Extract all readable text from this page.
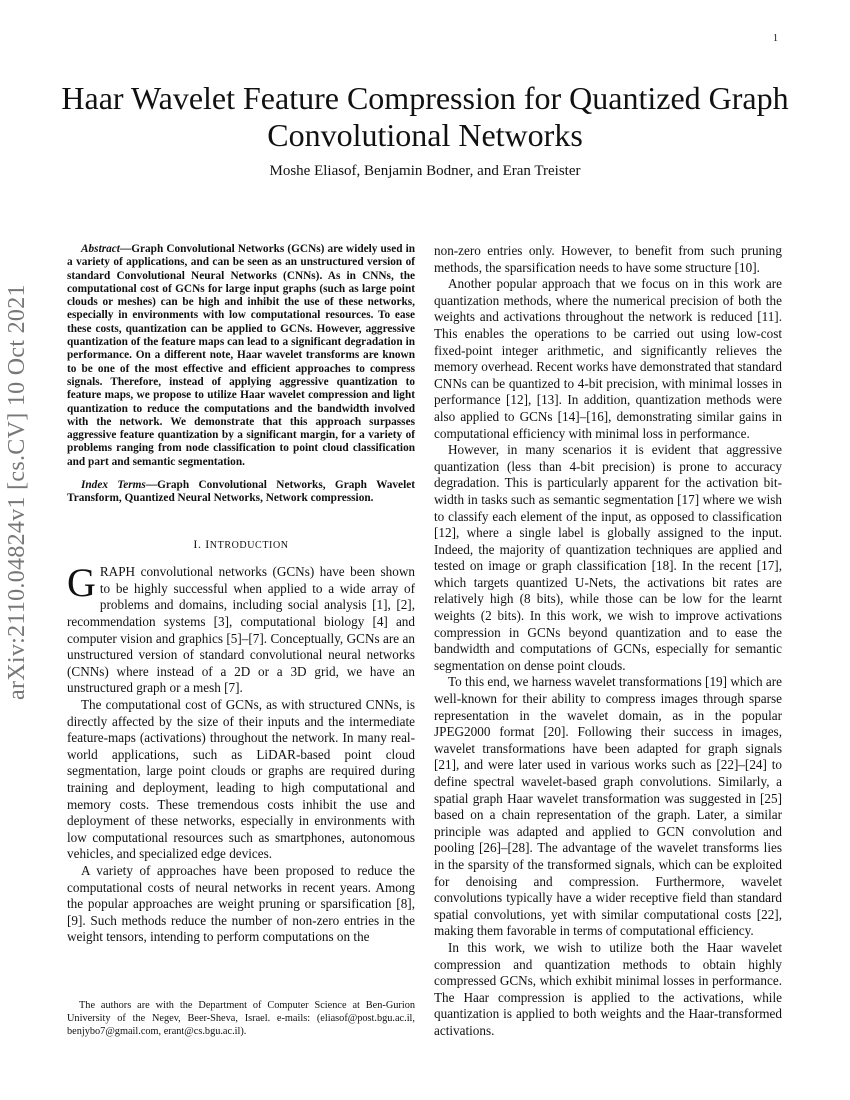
1
arXiv:2110.04824v1 [cs.CV] 10 Oct 2021
Haar Wavelet Feature Compression for Quantized Graph Convolutional Networks
Moshe Eliasof, Benjamin Bodner, and Eran Treister

Abstract—Graph Convolutional Networks (GCNs) are widely used in a variety of applications, and can be seen as an unstructured version of standard Convolutional Neural Networks (CNNs). As in CNNs, the computational cost of GCNs for large input graphs (such as large point clouds or meshes) can be high and inhibit the use of these networks, especially in environments with low computational resources. To ease these costs, quantization can be applied to GCNs. However, aggressive quantization of the feature maps can lead to a significant degradation in performance. On a different note, Haar wavelet transforms are known to be one of the most effective and efficient approaches to compress signals. Therefore, instead of applying aggressive quantization to feature maps, we propose to utilize Haar wavelet compression and light quantization to reduce the computations and the bandwidth involved with the network. We demonstrate that this approach surpasses aggressive feature quantization by a significant margin, for a variety of problems ranging from node classification to point cloud classification and part and semantic segmentation.

Index Terms—Graph Convolutional Networks, Graph Wavelet Transform, Quantized Neural Networks, Network compression.

I. INTRODUCTION

GRAPH convolutional networks (GCNs) have been shown to be highly successful when applied to a wide array of problems and domains, including social analysis [1], [2], recommendation systems [3], computational biology [4] and computer vision and graphics [5]–[7]. Conceptually, GCNs are an unstructured version of standard convolutional neural networks (CNNs) where instead of a 2D or a 3D grid, we have an unstructured graph or a mesh [7].

The computational cost of GCNs, as with structured CNNs, is directly affected by the size of their inputs and the intermediate feature-maps (activations) throughout the network. In many real-world applications, such as LiDAR-based point cloud segmentation, large point clouds or graphs are required during training and deployment, leading to high computational and memory costs. These tremendous costs inhibit the use and deployment of these networks, especially in environments with low computational resources such as smartphones, autonomous vehicles, and specialized edge devices.

A variety of approaches have been proposed to reduce the computational costs of neural networks in recent years. Among the popular approaches are weight pruning or sparsification [8], [9]. Such methods reduce the number of non-zero entries in the weight tensors, intending to perform computations on the

The authors are with the Department of Computer Science at Ben-Gurion University of the Negev, Beer-Sheva, Israel. e-mails: (eliasof@post.bgu.ac.il, benjybo7@gmail.com, erant@cs.bgu.ac.il).

non-zero entries only. However, to benefit from such pruning methods, the sparsification needs to have some structure [10].

Another popular approach that we focus on in this work are quantization methods, where the numerical precision of both the weights and activations throughout the network is reduced [11]. This enables the operations to be carried out using low-cost fixed-point integer arithmetic, and significantly relieves the memory overhead. Recent works have demonstrated that standard CNNs can be quantized to 4-bit precision, with minimal losses in performance [12], [13]. In addition, quantization methods were also applied to GCNs [14]–[16], demonstrating similar gains in computational efficiency with minimal loss in performance.

However, in many scenarios it is evident that aggressive quantization (less than 4-bit precision) is prone to accuracy degradation. This is particularly apparent for the activation bit-width in tasks such as semantic segmentation [17] where we wish to classify each element of the input, as opposed to classification [12], where a single label is globally assigned to the input. Indeed, the majority of quantization techniques are applied and tested on image or graph classification [18]. In the recent [17], which targets quantized U-Nets, the activations bit rates are relatively high (8 bits), while those can be low for the learnt weights (2 bits). In this work, we wish to improve activations compression in GCNs beyond quantization and to ease the bandwidth and computations of GCNs, especially for semantic segmentation on dense point clouds.

To this end, we harness wavelet transformations [19] which are well-known for their ability to compress images through sparse representation in the wavelet domain, as in the popular JPEG2000 format [20]. Following their success in images, wavelet transformations have been adapted for graph signals [21], and were later used in various works such as [22]–[24] to define spectral wavelet-based graph convolutions. Similarly, a spatial graph Haar wavelet transformation was suggested in [25] based on a chain representation of the graph. Later, a similar principle was adapted and applied to GCN convolution and pooling [26]–[28]. The advantage of the wavelet transforms lies in the sparsity of the transformed signals, which can be exploited for denoising and compression. Furthermore, wavelet convolutions typically have a wider receptive field than standard spatial convolutions, yet with similar computational costs [22], making them favorable in terms of computational efficiency.

In this work, we wish to utilize both the Haar wavelet compression and quantization methods to obtain highly compressed GCNs, which exhibit minimal losses in performance. The Haar compression is applied to the activations, while quantization is applied to both weights and the Haar-transformed activations.
